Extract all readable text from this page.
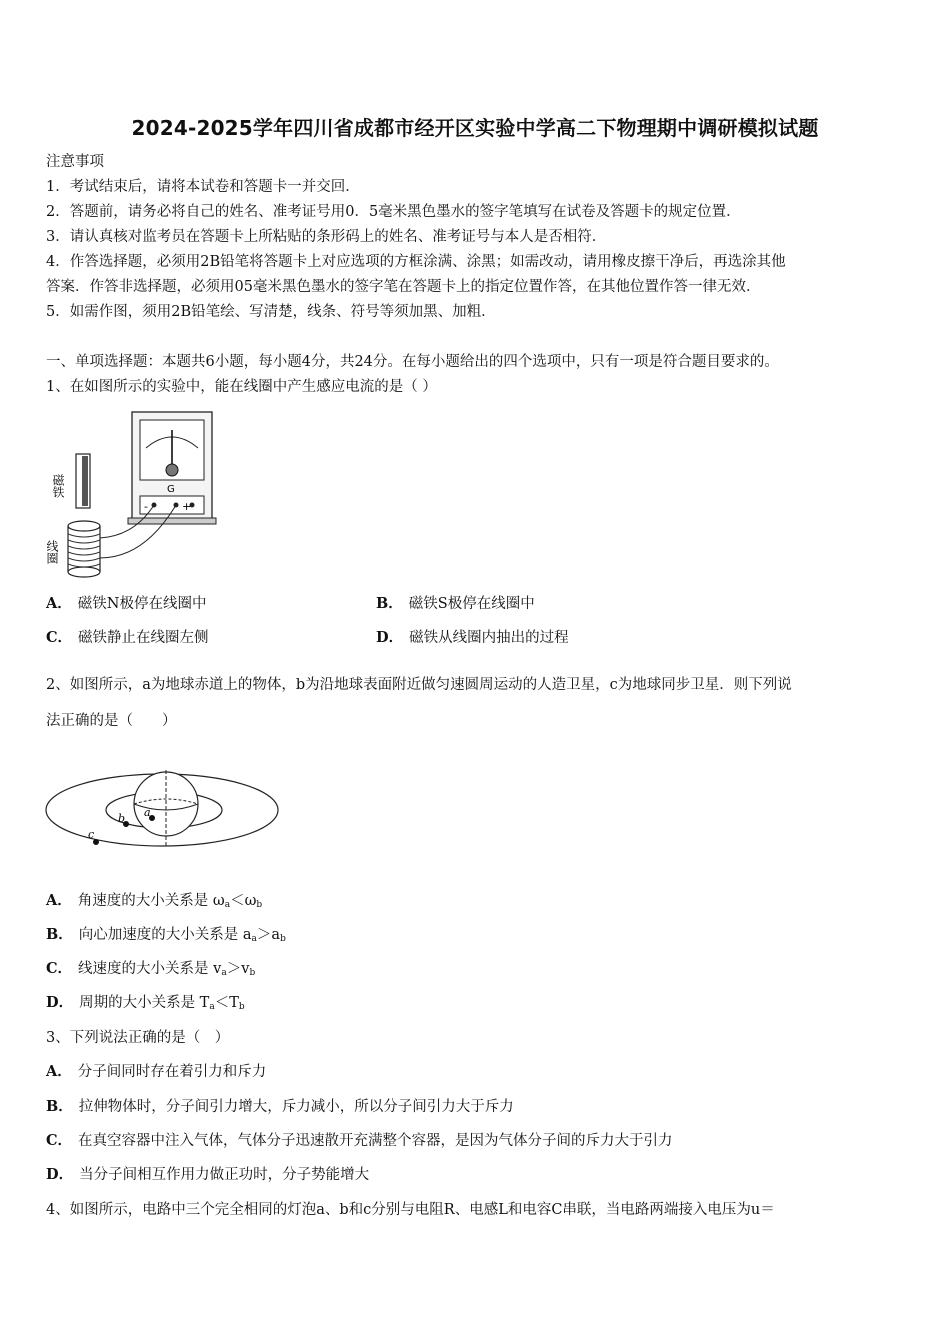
2024-2025学年四川省成都市经开区实验中学高二下物理期中调研模拟试题
注意事项
1．考试结束后，请将本试卷和答题卡一并交回．
2．答题前，请务必将自己的姓名、准考证号用0．5毫米黑色墨水的签字笔填写在试卷及答题卡的规定位置．
3．请认真核对监考员在答题卡上所粘贴的条形码上的姓名、准考证号与本人是否相符．
4．作答选择题，必须用2B铅笔将答题卡上对应选项的方框涂满、涂黑；如需改动，请用橡皮擦干净后，再选涂其他
答案．作答非选择题，必须用05毫米黑色墨水的签字笔在答题卡上的指定位置作答，在其他位置作答一律无效．
5．如需作图，须用2B铅笔绘、写清楚，线条、符号等须加黑、加粗．
一、单项选择题：本题共6小题，每小题4分，共24分。在每小题给出的四个选项中，只有一项是符合题目要求的。
1、在如图所示的实验中，能在线圈中产生感应电流的是（ ）
磁铁
线圈
G
-	+
A． 磁铁N极停在线圈中	B． 磁铁S极停在线圈中
C． 磁铁静止在线圈左侧	D． 磁铁从线圈内抽出的过程
2、如图所示，a为地球赤道上的物体，b为沿地球表面附近做匀速圆周运动的人造卫星，c为地球同步卫星．则下列说
法正确的是（　　）
a
b
c
A． 角速度的大小关系是 $\omega_a<\omega_b$
B． 向心加速度的大小关系是 $a_a>a_b$
C． 线速度的大小关系是 $v_a>v_b$
D． 周期的大小关系是 $T_a<T_b$
3、下列说法正确的是（　）
A． 分子间同时存在着引力和斥力
B． 拉伸物体时，分子间引力增大，斥力减小，所以分子间引力大于斥力
C． 在真空容器中注入气体，气体分子迅速散开充满整个容器，是因为气体分子间的斥力大于引力
D． 当分子间相互作用力做正功时，分子势能增大
4、如图所示，电路中三个完全相同的灯泡a、b和c分别与电阻R、电感L和电容C串联，当电路两端接入电压为u＝
